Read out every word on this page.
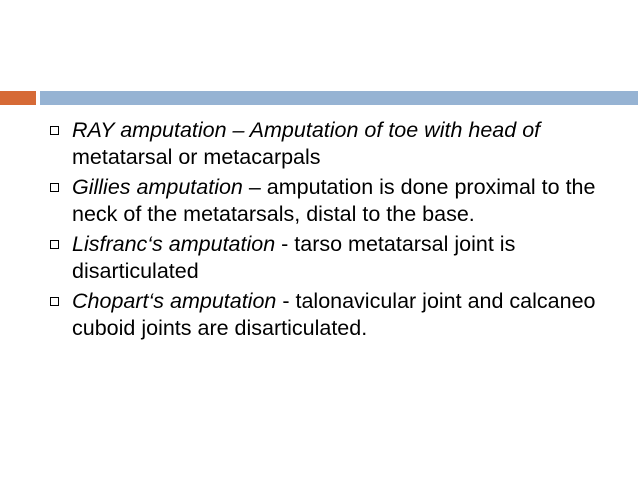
RAY amputation – Amputation of toe with head of metatarsal or metacarpals
Gillies amputation – amputation is done proximal to the neck of the metatarsals, distal to the base.
Lisfranc‘s amputation - tarso metatarsal joint is disarticulated
Chopart‘s amputation - talonavicular joint and calcaneo cuboid joints are disarticulated.
